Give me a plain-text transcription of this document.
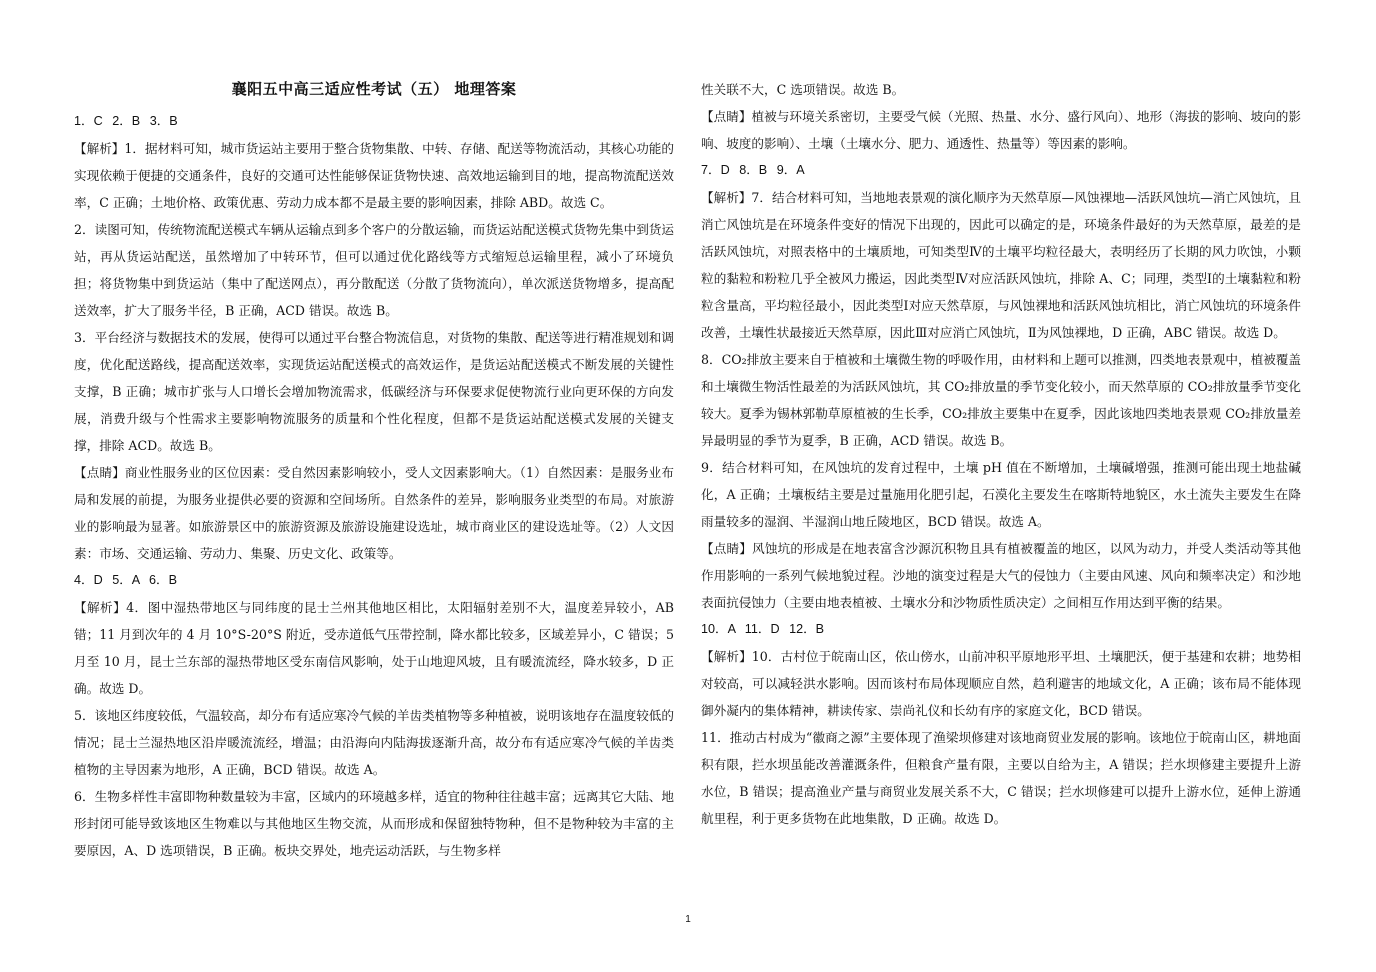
襄阳五中高三适应性考试（五） 地理答案

1．C 2．B 3．B

【解析】1．据材料可知，城市货运站主要用于整合货物集散、中转、存储、配送等物流活动，其核心功能的实现依赖于便捷的交通条件，良好的交通可达性能够保证货物快速、高效地运输到目的地，提高物流配送效率，C 正确；土地价格、政策优惠、劳动力成本都不是最主要的影响因素，排除 ABD。故选 C。

2．读图可知，传统物流配送模式车辆从运输点到多个客户的分散运输，而货运站配送模式货物先集中到货运站，再从货运站配送，虽然增加了中转环节，但可以通过优化路线等方式缩短总运输里程，减小了环境负担；将货物集中到货运站（集中了配送网点），再分散配送（分散了货物流向），单次派送货物增多，提高配送效率，扩大了服务半径，B 正确，ACD 错误。故选 B。

3．平台经济与数据技术的发展，使得可以通过平台整合物流信息，对货物的集散、配送等进行精准规划和调度，优化配送路线，提高配送效率，实现货运站配送模式的高效运作，是货运站配送模式不断发展的关键性支撑，B 正确；城市扩张与人口增长会增加物流需求，低碳经济与环保要求促使物流行业向更环保的方向发展，消费升级与个性需求主要影响物流服务的质量和个性化程度，但都不是货运站配送模式发展的关键支撑，排除 ACD。故选 B。

【点睛】商业性服务业的区位因素：受自然因素影响较小，受人文因素影响大。（1）自然因素：是服务业布局和发展的前提，为服务业提供必要的资源和空间场所。自然条件的差异，影响服务业类型的布局。对旅游业的影响最为显著。如旅游景区中的旅游资源及旅游设施建设选址，城市商业区的建设选址等。（2）人文因素：市场、交通运输、劳动力、集聚、历史文化、政策等。

4．D 5．A 6．B

【解析】4．图中湿热带地区与同纬度的昆士兰州其他地区相比，太阳辐射差别不大，温度差异较小，AB 错；11 月到次年的 4 月 10°S-20°S 附近，受赤道低气压带控制，降水都比较多，区域差异小，C 错误；5 月至 10 月，昆士兰东部的湿热带地区受东南信风影响，处于山地迎风坡，且有暖流流经，降水较多，D 正确。故选 D。

5．该地区纬度较低，气温较高，却分布有适应寒冷气候的羊齿类植物等多种植被，说明该地存在温度较低的情况；昆士兰湿热地区沿岸暖流流经，增温；由沿海向内陆海拔逐渐升高，故分布有适应寒冷气候的羊齿类植物的主导因素为地形，A 正确，BCD 错误。故选 A。

6．生物多样性丰富即物种数量较为丰富，区域内的环境越多样，适宜的物种往往越丰富；远离其它大陆、地形封闭可能导致该地区生物难以与其他地区生物交流，从而形成和保留独特物种，但不是物种较为丰富的主要原因，A、D 选项错误，B 正确。板块交界处，地壳运动活跃，与生物多样

性关联不大，C 选项错误。故选 B。

【点睛】植被与环境关系密切，主要受气候（光照、热量、水分、盛行风向）、地形（海拔的影响、坡向的影响、坡度的影响）、土壤（土壤水分、肥力、通透性、热量等）等因素的影响。

7．D 8．B 9．A

【解析】7．结合材料可知，当地地表景观的演化顺序为天然草原—风蚀裸地—活跃风蚀坑—消亡风蚀坑，且消亡风蚀坑是在环境条件变好的情况下出现的，因此可以确定的是，环境条件最好的为天然草原，最差的是活跃风蚀坑，对照表格中的土壤质地，可知类型Ⅳ的土壤平均粒径最大，表明经历了长期的风力吹蚀，小颗粒的黏粒和粉粒几乎全被风力搬运，因此类型Ⅳ对应活跃风蚀坑，排除 A、C；同理，类型Ⅰ的土壤黏粒和粉粒含量高，平均粒径最小，因此类型Ⅰ对应天然草原，与风蚀裸地和活跃风蚀坑相比，消亡风蚀坑的环境条件改善，土壤性状最接近天然草原，因此Ⅲ对应消亡风蚀坑，Ⅱ为风蚀裸地，D 正确，ABC 错误。故选 D。

8．CO₂排放主要来自于植被和土壤微生物的呼吸作用，由材料和上题可以推测，四类地表景观中，植被覆盖和土壤微生物活性最差的为活跃风蚀坑，其 CO₂排放量的季节变化较小，而天然草原的 CO₂排放量季节变化较大。夏季为锡林郭勒草原植被的生长季，CO₂排放主要集中在夏季，因此该地四类地表景观 CO₂排放量差异最明显的季节为夏季，B 正确，ACD 错误。故选 B。

9．结合材料可知，在风蚀坑的发育过程中，土壤 pH 值在不断增加，土壤碱增强，推测可能出现土地盐碱化，A 正确；土壤板结主要是过量施用化肥引起，石漠化主要发生在喀斯特地貌区，水土流失主要发生在降雨量较多的湿润、半湿润山地丘陵地区，BCD 错误。故选 A。

【点睛】风蚀坑的形成是在地表富含沙源沉积物且具有植被覆盖的地区，以风为动力，并受人类活动等其他作用影响的一系列气候地貌过程。沙地的演变过程是大气的侵蚀力（主要由风速、风向和频率决定）和沙地表面抗侵蚀力（主要由地表植被、土壤水分和沙物质性质决定）之间相互作用达到平衡的结果。

10．A 11．D 12．B

【解析】10．古村位于皖南山区，依山傍水，山前冲积平原地形平坦、土壤肥沃，便于基建和农耕；地势相对较高，可以减轻洪水影响。因而该村布局体现顺应自然，趋利避害的地域文化，A 正确；该布局不能体现御外凝内的集体精神，耕读传家、崇尚礼仪和长幼有序的家庭文化，BCD 错误。

11．推动古村成为“徽商之源”主要体现了渔梁坝修建对该地商贸业发展的影响。该地位于皖南山区，耕地面积有限，拦水坝虽能改善灌溉条件，但粮食产量有限，主要以自给为主，A 错误；拦水坝修建主要提升上游水位，B 错误；提高渔业产量与商贸业发展关系不大，C 错误；拦水坝修建可以提升上游水位，延伸上游通航里程，利于更多货物在此地集散，D 正确。故选 D。

1
